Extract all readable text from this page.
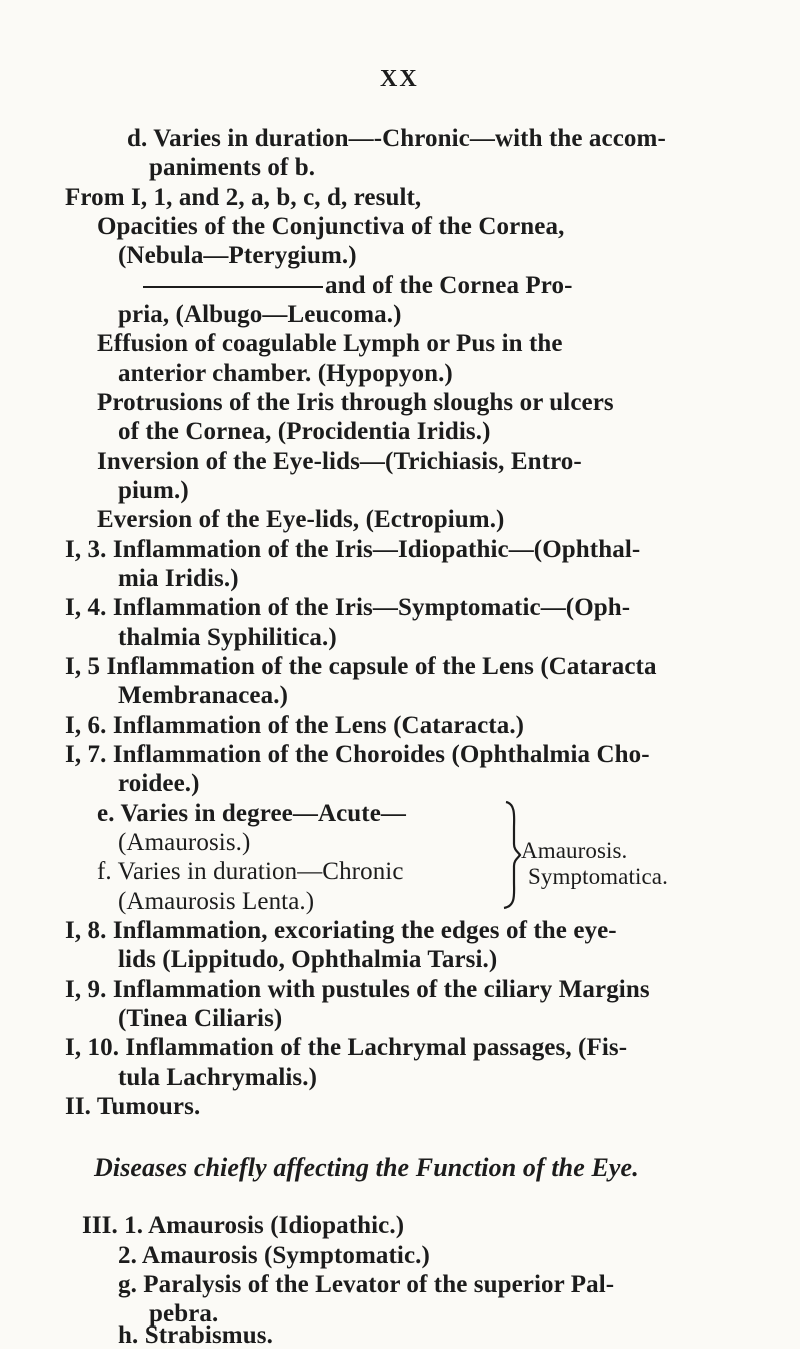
XX
d. Varies in duration—-Chronic—with the accom-
paniments of b.
From I, 1, and 2, a, b, c, d, result,
Opacities of the Conjunctiva of the Cornea,
(Nebula—Pterygium.)
and of the Cornea Pro-
pria, (Albugo—Leucoma.)
Effusion of coagulable Lymph or Pus in the
anterior chamber. (Hypopyon.)
Protrusions of the Iris through sloughs or ulcers
of the Cornea, (Procidentia Iridis.)
Inversion of the Eye-lids—(Trichiasis, Entro-
pium.)
Eversion of the Eye-lids, (Ectropium.)
I, 3. Inflammation of the Iris—Idiopathic—(Ophthal-
mia Iridis.)
I, 4. Inflammation of the Iris—Symptomatic—(Oph-
thalmia Syphilitica.)
I, 5 Inflammation of the capsule of the Lens (Cataracta
Membranacea.)
I, 6. Inflammation of the Lens (Cataracta.)
I, 7. Inflammation of the Choroides (Ophthalmia Cho-
roidee.)
e. Varies in degree—Acute—
(Amaurosis.)
f. Varies in duration—Chronic
(Amaurosis Lenta.)
Amaurosis.
Symptomatica.
I, 8. Inflammation, excoriating the edges of the eye-
lids (Lippitudo, Ophthalmia Tarsi.)
I, 9. Inflammation with pustules of the ciliary Margins
(Tinea Ciliaris)
I, 10. Inflammation of the Lachrymal passages, (Fis-
tula Lachrymalis.)
II. Tumours.
Diseases chiefly affecting the Function of the Eye.
III. 1. Amaurosis (Idiopathic.)
2. Amaurosis (Symptomatic.)
g. Paralysis of the Levator of the superior Pal-
pebra.
h. Strabismus.
